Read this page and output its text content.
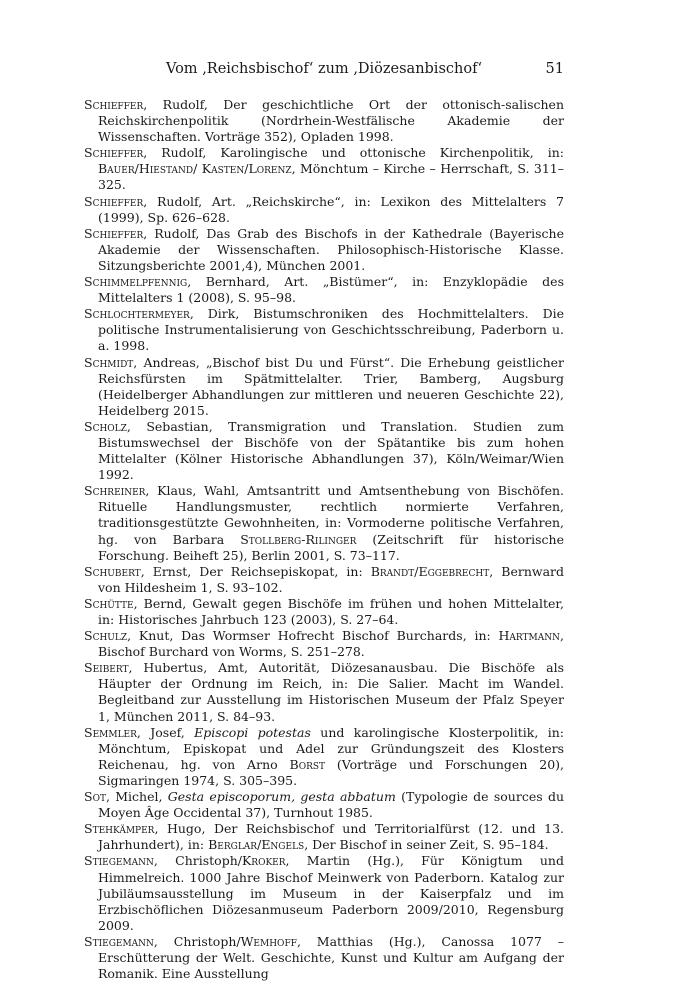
Vom ‚Reichsbischof‘ zum ‚Diözesanbischof‘	51

Schieffer, Rudolf, Der geschichtliche Ort der ottonisch-salischen Reichskirchenpolitik (Nordrhein-Westfälische Akademie der Wissenschaften. Vorträge 352), Opladen 1998.

Schieffer, Rudolf, Karolingische und ottonische Kirchenpolitik, in: Bauer/Hiestand/ Kasten/Lorenz, Mönchtum – Kirche – Herrschaft, S. 311–325.

Schieffer, Rudolf, Art. „Reichskirche“, in: Lexikon des Mittelalters 7 (1999), Sp. 626–628.

Schieffer, Rudolf, Das Grab des Bischofs in der Kathedrale (Bayerische Akademie der Wissenschaften. Philosophisch-Historische Klasse. Sitzungsberichte 2001,4), München 2001.

Schimmelpfennig, Bernhard, Art. „Bistümer“, in: Enzyklopädie des Mittelalters 1 (2008), S. 95–98.

Schlochtermeyer, Dirk, Bistumschroniken des Hochmittelalters. Die politische Instrumentalisierung von Geschichtsschreibung, Paderborn u. a. 1998.

Schmidt, Andreas, „Bischof bist Du und Fürst“. Die Erhebung geistlicher Reichsfürsten im Spätmittelalter. Trier, Bamberg, Augsburg (Heidelberger Abhandlungen zur mittleren und neueren Geschichte 22), Heidelberg 2015.

Scholz, Sebastian, Transmigration und Translation. Studien zum Bistumswechsel der Bischöfe von der Spätantike bis zum hohen Mittelalter (Kölner Historische Abhandlungen 37), Köln/Weimar/Wien 1992.

Schreiner, Klaus, Wahl, Amtsantritt und Amtsenthebung von Bischöfen. Rituelle Handlungsmuster, rechtlich normierte Verfahren, traditionsgestützte Gewohnheiten, in: Vormoderne politische Verfahren, hg. von Barbara Stollberg-Rilinger (Zeitschrift für historische Forschung. Beiheft 25), Berlin 2001, S. 73–117.

Schubert, Ernst, Der Reichsepiskopat, in: Brandt/Eggebrecht, Bernward von Hildesheim 1, S. 93–102.

Schütte, Bernd, Gewalt gegen Bischöfe im frühen und hohen Mittelalter, in: Historisches Jahrbuch 123 (2003), S. 27–64.

Schulz, Knut, Das Wormser Hofrecht Bischof Burchards, in: Hartmann, Bischof Burchard von Worms, S. 251–278.

Seibert, Hubertus, Amt, Autorität, Diözesanausbau. Die Bischöfe als Häupter der Ordnung im Reich, in: Die Salier. Macht im Wandel. Begleitband zur Ausstellung im Historischen Museum der Pfalz Speyer 1, München 2011, S. 84–93.

Semmler, Josef, Episcopi potestas und karolingische Klosterpolitik, in: Mönchtum, Episkopat und Adel zur Gründungszeit des Klosters Reichenau, hg. von Arno Borst (Vorträge und Forschungen 20), Sigmaringen 1974, S. 305–395.

Sot, Michel, Gesta episcoporum, gesta abbatum (Typologie de sources du Moyen Âge Occidental 37), Turnhout 1985.

Stehkämper, Hugo, Der Reichsbischof und Territorialfürst (12. und 13. Jahrhundert), in: Berglar/Engels, Der Bischof in seiner Zeit, S. 95–184.

Stiegemann, Christoph/Kroker, Martin (Hg.), Für Königtum und Himmelreich. 1000 Jahre Bischof Meinwerk von Paderborn. Katalog zur Jubiläumsausstellung im Museum in der Kaiserpfalz und im Erzbischöflichen Diözesanmuseum Paderborn 2009/2010, Regensburg 2009.

Stiegemann, Christoph/Wemhoff, Matthias (Hg.), Canossa 1077 – Erschütterung der Welt. Geschichte, Kunst und Kultur am Aufgang der Romanik. Eine Ausstellung
